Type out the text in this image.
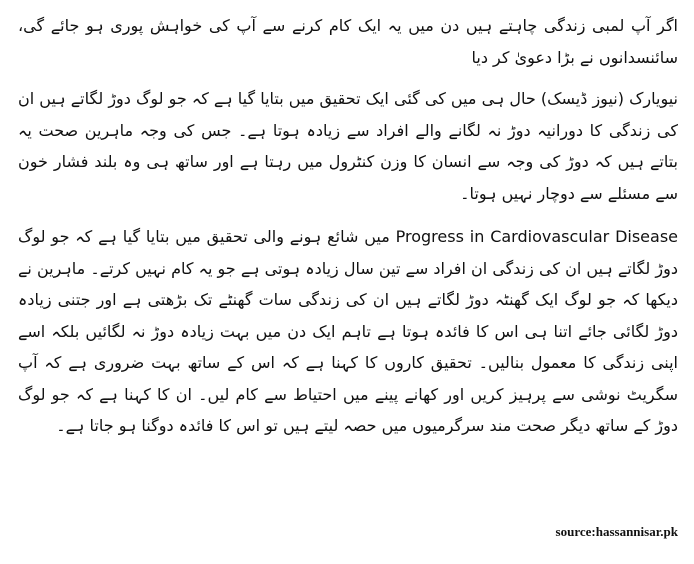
اگر آپ لمبی زندگی چاہتے ہیں دن میں یہ ایک کام کرنے سے آپ کی خواہش پوری ہو جائے گی، سائنسدانوں نے بڑا دعویٰ کر دیا

نیویارک (نیوز ڈیسک) حال ہی میں کی گئی ایک تحقیق میں بتایا گیا ہے کہ جو لوگ دوڑ لگاتے ہیں ان کی زندگی کا دورانیہ دوڑ نہ لگانے والے افراد سے زیادہ ہوتا ہے۔ جس کی وجہ ماہرین صحت یہ بتاتے ہیں کہ دوڑ کی وجہ سے انسان کا وزن کنٹرول میں رہتا ہے اور ساتھ ہی وہ بلند فشار خون سے مسئلے سے دوچار نہیں ہوتا۔

Progress in Cardiovascular Disease میں شائع ہونے والی تحقیق میں بتایا گیا ہے کہ جو لوگ دوڑ لگاتے ہیں ان کی زندگی ان افراد سے تین سال زیادہ ہوتی ہے جو یہ کام نہیں کرتے۔ ماہرین نے دیکھا کہ جو لوگ ایک گھنٹہ دوڑ لگاتے ہیں ان کی زندگی سات گھنٹے تک بڑھتی ہے اور جتنی زیادہ دوڑ لگائی جائے اتنا ہی اس کا فائدہ ہوتا ہے تاہم ایک دن میں بہت زیادہ دوڑ نہ لگائیں بلکہ اسے اپنی زندگی کا معمول بنالیں۔ تحقیق کاروں کا کہنا ہے کہ اس کے ساتھ بہت ضروری ہے کہ آپ سگریٹ نوشی سے پرہیز کریں اور کھانے پینے میں احتیاط سے کام لیں۔ ان کا کہنا ہے کہ جو لوگ دوڑ کے ساتھ دیگر صحت مند سرگرمیوں میں حصہ لیتے ہیں تو اس کا فائدہ دوگنا ہو جاتا ہے۔

source:hassannisar.pk
